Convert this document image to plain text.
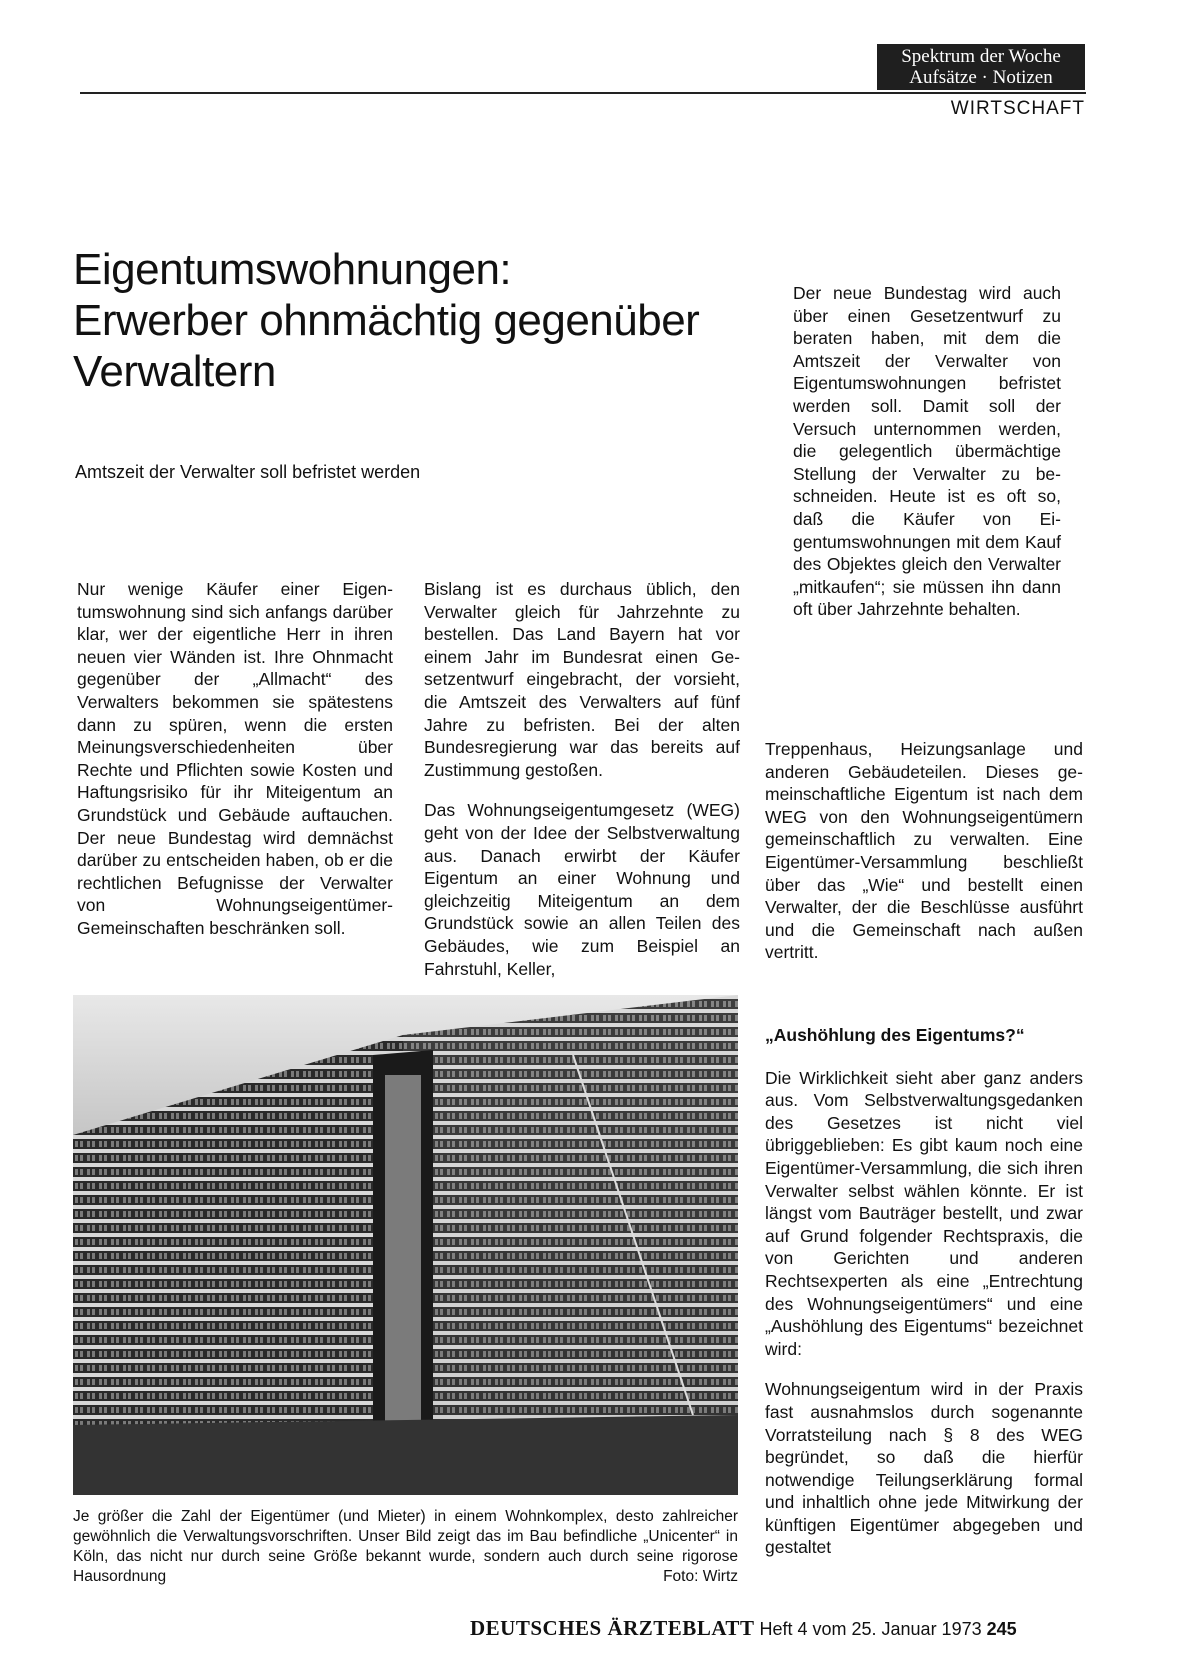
Spektrum der Woche
Aufsätze · Notizen
WIRTSCHAFT
Eigentumswohnungen:
Erwerber ohnmächtig gegenüber
Verwaltern
Amtszeit der Verwalter soll befristet werden

Nur wenige Käufer einer Eigentumswohnung sind sich anfangs darüber klar, wer der eigentliche Herr in ihren neuen vier Wänden ist. Ihre Ohnmacht gegenüber der „Allmacht“ des Verwalters bekommen sie spätestens dann zu spüren, wenn die ersten Meinungsverschiedenheiten über Rechte und Pflichten sowie Kosten und Haftungsrisiko für ihr Miteigentum an Grundstück und Gebäude auftauchen. Der neue Bundestag wird demnächst darüber zu entscheiden haben, ob er die rechtlichen Befugnisse der Verwalter von Wohnungseigentümer-Gemeinschaften beschränken soll.

Bislang ist es durchaus üblich, den Verwalter gleich für Jahrzehnte zu bestellen. Das Land Bayern hat vor einem Jahr im Bundesrat einen Gesetzentwurf eingebracht, der vorsieht, die Amtszeit des Verwalters auf fünf Jahre zu befristen. Bei der alten Bundesregierung war das bereits auf Zustimmung gestoßen.

Das Wohnungseigentumgesetz (WEG) geht von der Idee der Selbstverwaltung aus. Danach erwirbt der Käufer Eigentum an einer Wohnung und gleichzeitig Miteigentum an dem Grundstück sowie an allen Teilen des Gebäudes, wie zum Beispiel an Fahrstuhl, Keller,

Der neue Bundestag wird auch über einen Gesetzentwurf zu beraten haben, mit dem die Amtszeit der Verwalter von Eigentumswohnungen befristet werden soll. Damit soll der Versuch unternommen werden, die gelegentlich übermächtige Stellung der Verwalter zu beschneiden. Heute ist es oft so, daß die Käufer von Eigentumswohnungen mit dem Kauf des Objektes gleich den Verwalter „mitkaufen“; sie müssen ihn dann oft über Jahrzehnte behalten.

Treppenhaus, Heizungsanlage und anderen Gebäudeteilen. Dieses gemeinschaftliche Eigentum ist nach dem WEG von den Wohnungseigentümern gemeinschaftlich zu verwalten. Eine Eigentümer-Versammlung beschließt über das „Wie“ und bestellt einen Verwalter, der die Beschlüsse ausführt und die Gemeinschaft nach außen vertritt.

„Aushöhlung des Eigentums?“

Die Wirklichkeit sieht aber ganz anders aus. Vom Selbstverwaltungsgedanken des Gesetzes ist nicht viel übriggeblieben: Es gibt kaum noch eine Eigentümer-Versammlung, die sich ihren Verwalter selbst wählen könnte. Er ist längst vom Bauträger bestellt, und zwar auf Grund folgender Rechtspraxis, die von Gerichten und anderen Rechtsexperten als eine „Entrechtung des Wohnungseigentümers“ und eine „Aushöhlung des Eigentums“ bezeichnet wird:

Wohnungseigentum wird in der Praxis fast ausnahmslos durch sogenannte Vorratsteilung nach § 8 des WEG begründet, so daß die hierfür notwendige Teilungserklärung formal und inhaltlich ohne jede Mitwirkung der künftigen Eigentümer abgegeben und gestaltet

Je größer die Zahl der Eigentümer (und Mieter) in einem Wohnkomplex, desto zahlreicher gewöhnlich die Verwaltungsvorschriften. Unser Bild zeigt das im Bau befindliche „Unicenter“ in Köln, das nicht nur durch seine Größe bekannt wurde, sondern auch durch seine rigorose Hausordnung	Foto: Wirtz
DEUTSCHES ÄRZTEBLATT Heft 4 vom 25. Januar 1973 245
